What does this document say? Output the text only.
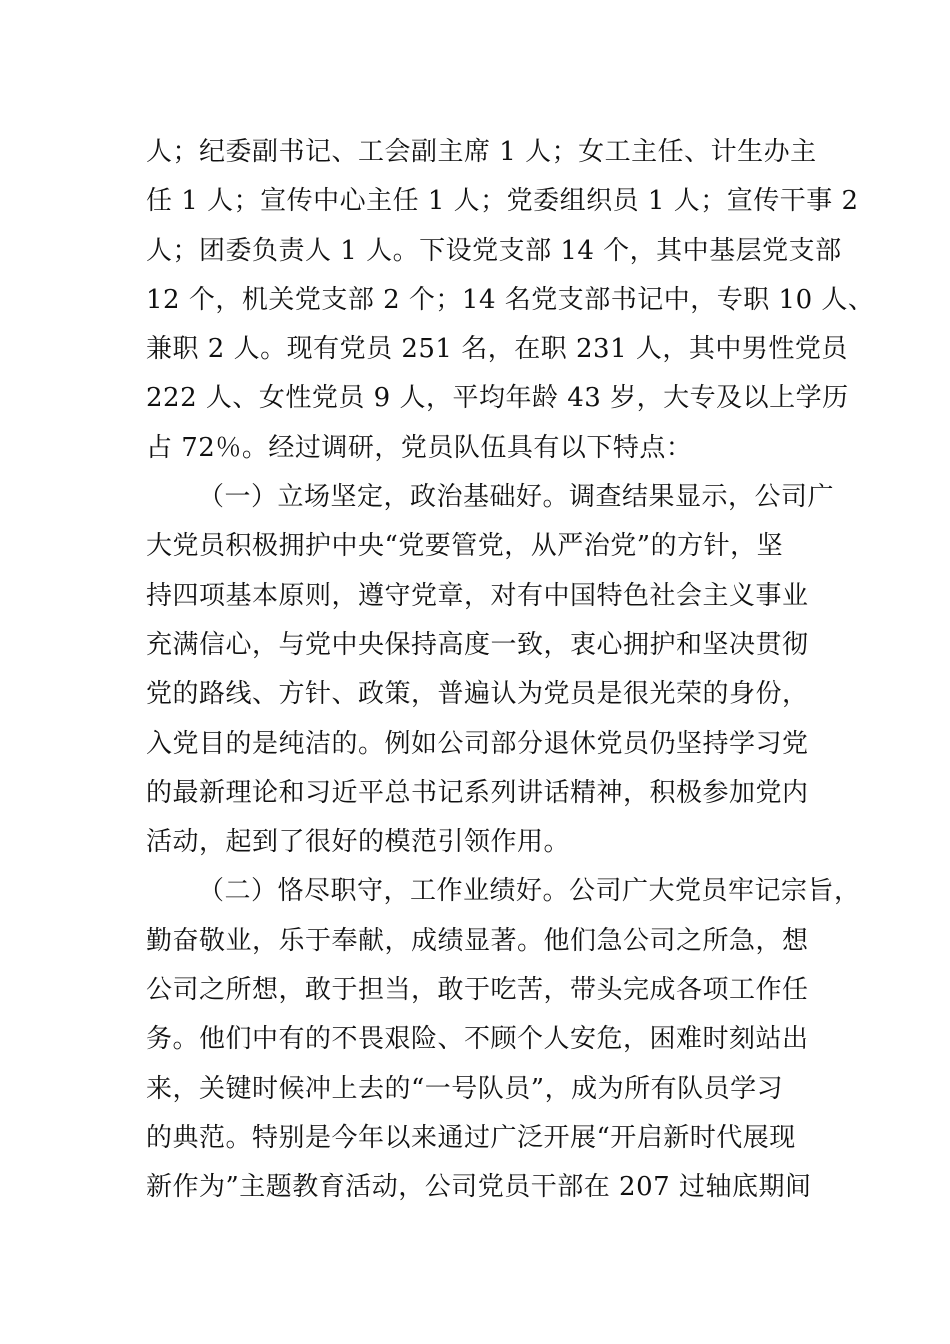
人；纪委副书记、工会副主席 1 人；女工主任、计生办主
任 1 人；宣传中心主任 1 人；党委组织员 1 人；宣传干事 2
人；团委负责人 1 人。下设党支部 14 个，其中基层党支部
12 个，机关党支部 2 个；14 名党支部书记中，专职 10 人、
兼职 2 人。现有党员 251 名，在职 231 人，其中男性党员
222 人、女性党员 9 人，平均年龄 43 岁，大专及以上学历
占 72％。经过调研，党员队伍具有以下特点：
（一）立场坚定，政治基础好。调查结果显示，公司广
大党员积极拥护中央“党要管党，从严治党”的方针，坚
持四项基本原则，遵守党章，对有中国特色社会主义事业
充满信心，与党中央保持高度一致，衷心拥护和坚决贯彻
党的路线、方针、政策，普遍认为党员是很光荣的身份，
入党目的是纯洁的。例如公司部分退休党员仍坚持学习党
的最新理论和习近平总书记系列讲话精神，积极参加党内
活动，起到了很好的模范引领作用。
（二）恪尽职守，工作业绩好。公司广大党员牢记宗旨，
勤奋敬业，乐于奉献，成绩显著。他们急公司之所急，想
公司之所想，敢于担当，敢于吃苦，带头完成各项工作任
务。他们中有的不畏艰险、不顾个人安危，困难时刻站出
来，关键时候冲上去的“一号队员”，成为所有队员学习
的典范。特别是今年以来通过广泛开展“开启新时代展现
新作为”主题教育活动，公司党员干部在 207 过轴底期间
